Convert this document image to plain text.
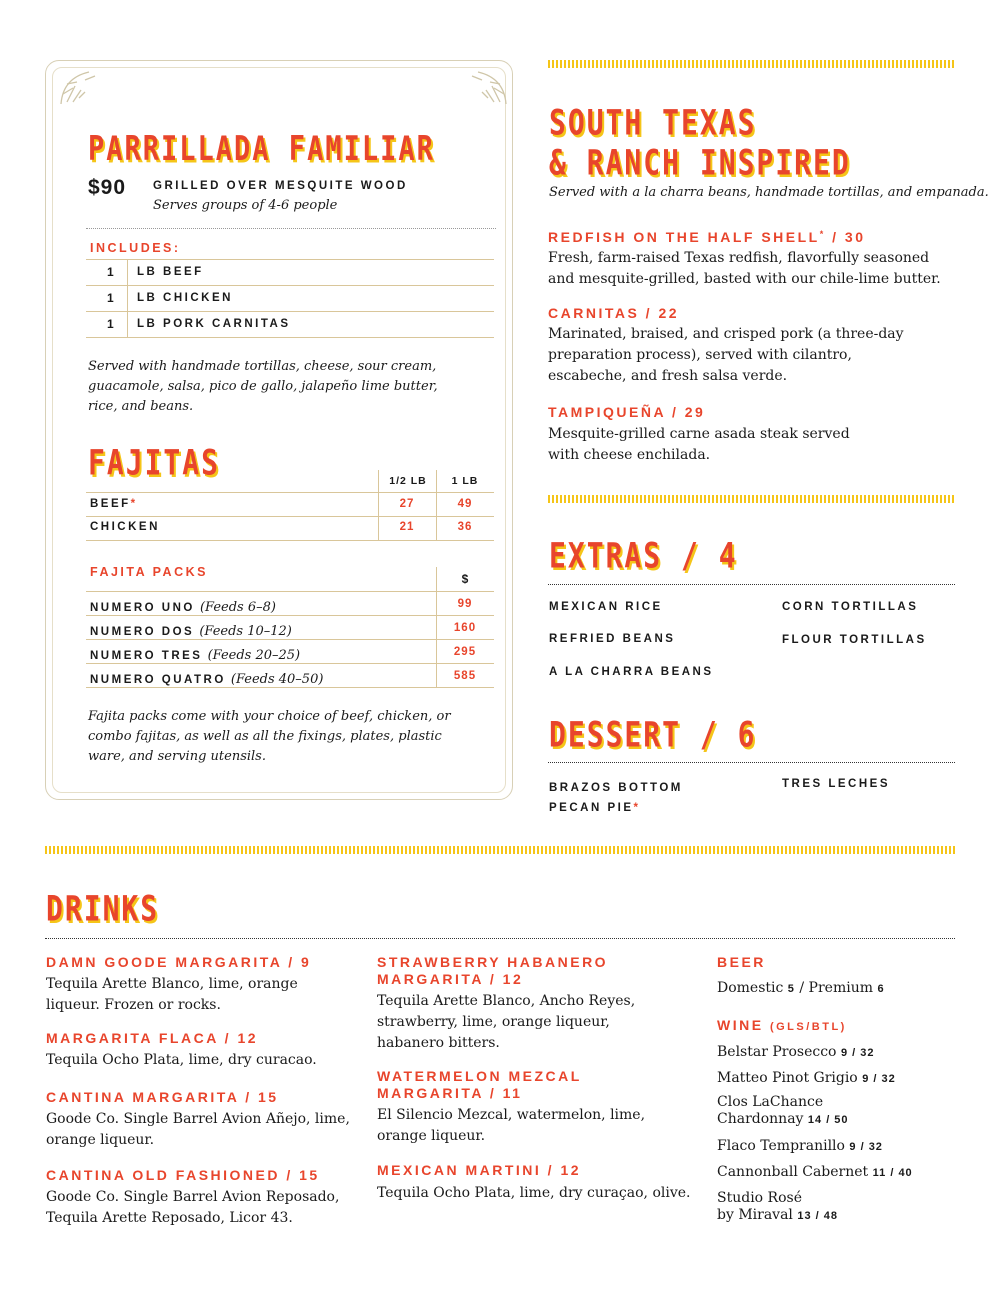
PARRILLADA FAMILIAR
$90 GRILLED OVER MESQUITE WOOD
Serves groups of 4-6 people
INCLUDES:
1 LB BEEF
1 LB CHICKEN
1 LB PORK CARNITAS
Served with handmade tortillas, cheese, sour cream, guacamole, salsa, pico de gallo, jalapeño lime butter, rice, and beans.
FAJITAS	1/2 LB	1 LB
BEEF*	27	49
CHICKEN	21	36
FAJITA PACKS	$
NUMERO UNO (Feeds 6–8)	99
NUMERO DOS (Feeds 10–12)	160
NUMERO TRES (Feeds 20–25)	295
NUMERO QUATRO (Feeds 40–50)	585
Fajita packs come with your choice of beef, chicken, or combo fajitas, as well as all the fixings, plates, plastic ware, and serving utensils.
SOUTH TEXAS
& RANCH INSPIRED
Served with a la charra beans, handmade tortillas, and empanada.
REDFISH ON THE HALF SHELL* / 30
Fresh, farm-raised Texas redfish, flavorfully seasoned and mesquite-grilled, basted with our chile-lime butter.
CARNITAS / 22
Marinated, braised, and crisped pork (a three-day preparation process), served with cilantro, escabeche, and fresh salsa verde.
TAMPIQUEÑA / 29
Mesquite-grilled carne asada steak served with cheese enchilada.
EXTRAS / 4
MEXICAN RICE	CORN TORTILLAS
REFRIED BEANS	FLOUR TORTILLAS
A LA CHARRA BEANS
DESSERT / 6
BRAZOS BOTTOM
PECAN PIE*
TRES LECHES
DRINKS
DAMN GOODE MARGARITA / 9
Tequila Arette Blanco, lime, orange liqueur. Frozen or rocks.
MARGARITA FLACA / 12
Tequila Ocho Plata, lime, dry curacao.
CANTINA MARGARITA / 15
Goode Co. Single Barrel Avion Añejo, lime, orange liqueur.
CANTINA OLD FASHIONED / 15
Goode Co. Single Barrel Avion Reposado, Tequila Arette Reposado, Licor 43.
STRAWBERRY HABANERO
MARGARITA / 12
Tequila Arette Blanco, Ancho Reyes, strawberry, lime, orange liqueur, habanero bitters.
WATERMELON MEZCAL
MARGARITA / 11
El Silencio Mezcal, watermelon, lime, orange liqueur.
MEXICAN MARTINI / 12
Tequila Ocho Plata, lime, dry curaçao, olive.
BEER
Domestic 5 / Premium 6
WINE (GLS/BTL)
Belstar Prosecco 9 / 32
Matteo Pinot Grigio 9 / 32
Clos LaChance
Chardonnay 14 / 50
Flaco Tempranillo 9 / 32
Cannonball Cabernet 11 / 40
Studio Rosé
by Miraval 13 / 48
